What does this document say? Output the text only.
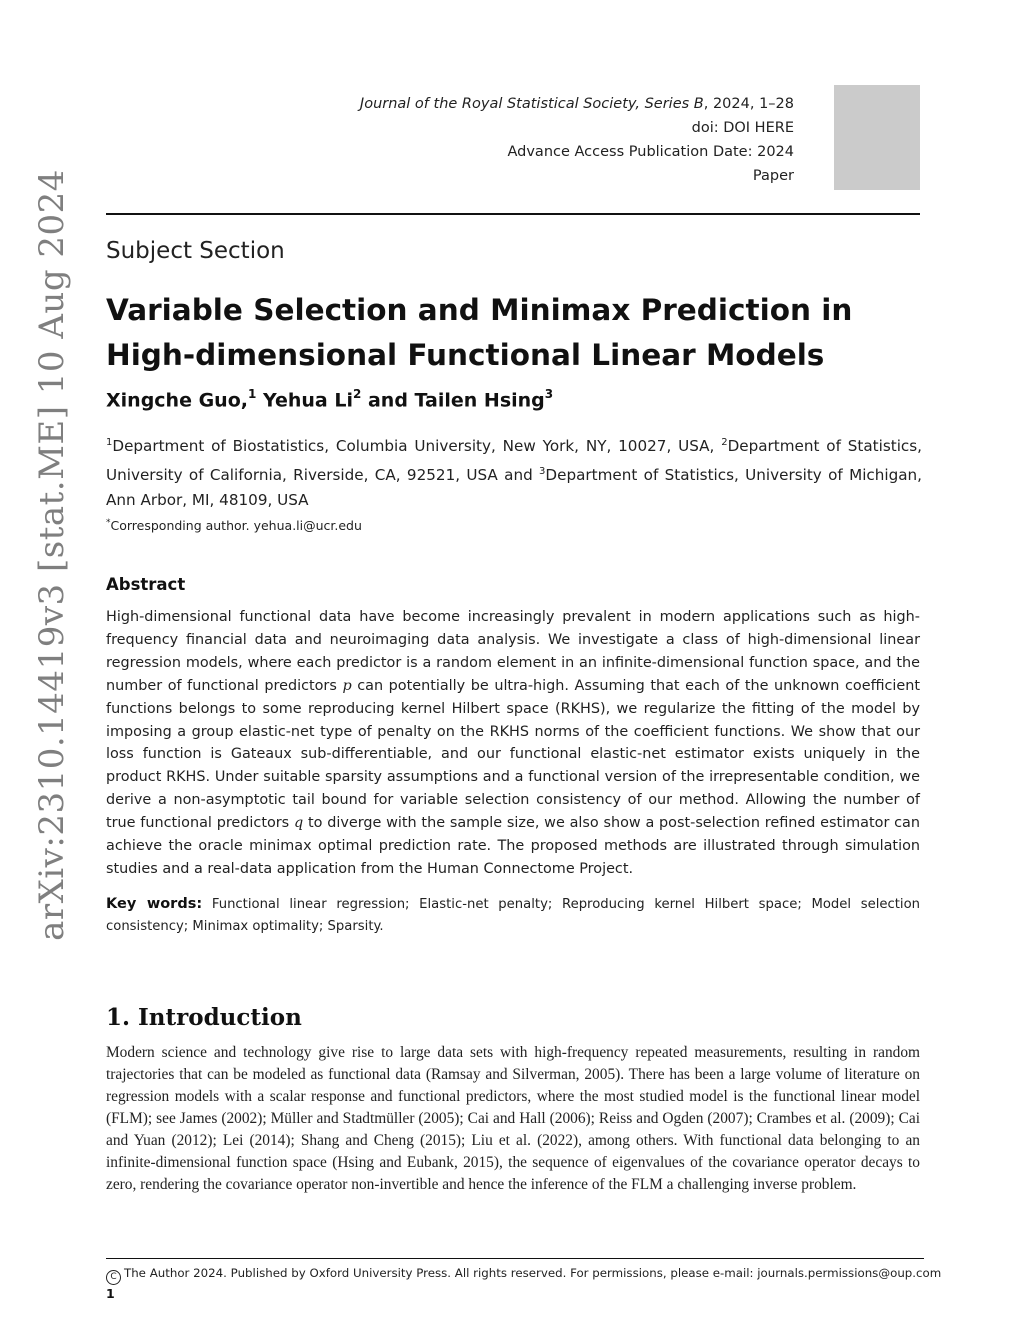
arXiv:2310.14419v3 [stat.ME] 10 Aug 2024
Journal of the Royal Statistical Society, Series B, 2024, 1–28
doi: DOI HERE
Advance Access Publication Date: 2024
Paper
Subject Section
Variable Selection and Minimax Prediction in High-dimensional Functional Linear Models
Xingche Guo,$^1$ Yehua Li$^2$ and Tailen Hsing$^3$
$^1$Department of Biostatistics, Columbia University, New York, NY, 10027, USA, $^2$Department of Statistics, University of California, Riverside, CA, 92521, USA and $^3$Department of Statistics, University of Michigan, Ann Arbor, MI, 48109, USA
*Corresponding author. yehua.li@ucr.edu
Abstract
High-dimensional functional data have become increasingly prevalent in modern applications such as high-frequency financial data and neuroimaging data analysis. We investigate a class of high-dimensional linear regression models, where each predictor is a random element in an infinite-dimensional function space, and the number of functional predictors p can potentially be ultra-high. Assuming that each of the unknown coefficient functions belongs to some reproducing kernel Hilbert space (RKHS), we regularize the fitting of the model by imposing a group elastic-net type of penalty on the RKHS norms of the coefficient functions. We show that our loss function is Gateaux sub-differentiable, and our functional elastic-net estimator exists uniquely in the product RKHS. Under suitable sparsity assumptions and a functional version of the irrepresentable condition, we derive a non-asymptotic tail bound for variable selection consistency of our method. Allowing the number of true functional predictors q to diverge with the sample size, we also show a post-selection refined estimator can achieve the oracle minimax optimal prediction rate. The proposed methods are illustrated through simulation studies and a real-data application from the Human Connectome Project.
Key words: Functional linear regression; Elastic-net penalty; Reproducing kernel Hilbert space; Model selection consistency; Minimax optimality; Sparsity.
1. Introduction
Modern science and technology give rise to large data sets with high-frequency repeated measurements, resulting in random trajectories that can be modeled as functional data (Ramsay and Silverman, 2005). There has been a large volume of literature on regression models with a scalar response and functional predictors, where the most studied model is the functional linear model (FLM); see James (2002); Müller and Stadtmüller (2005); Cai and Hall (2006); Reiss and Ogden (2007); Crambes et al. (2009); Cai and Yuan (2012); Lei (2014); Shang and Cheng (2015); Liu et al. (2022), among others. With functional data belonging to an infinite-dimensional function space (Hsing and Eubank, 2015), the sequence of eigenvalues of the covariance operator decays to zero, rendering the covariance operator non-invertible and hence the inference of the FLM a challenging inverse problem.
C The Author 2024. Published by Oxford University Press. All rights reserved. For permissions, please e-mail: journals.permissions@oup.com
1
